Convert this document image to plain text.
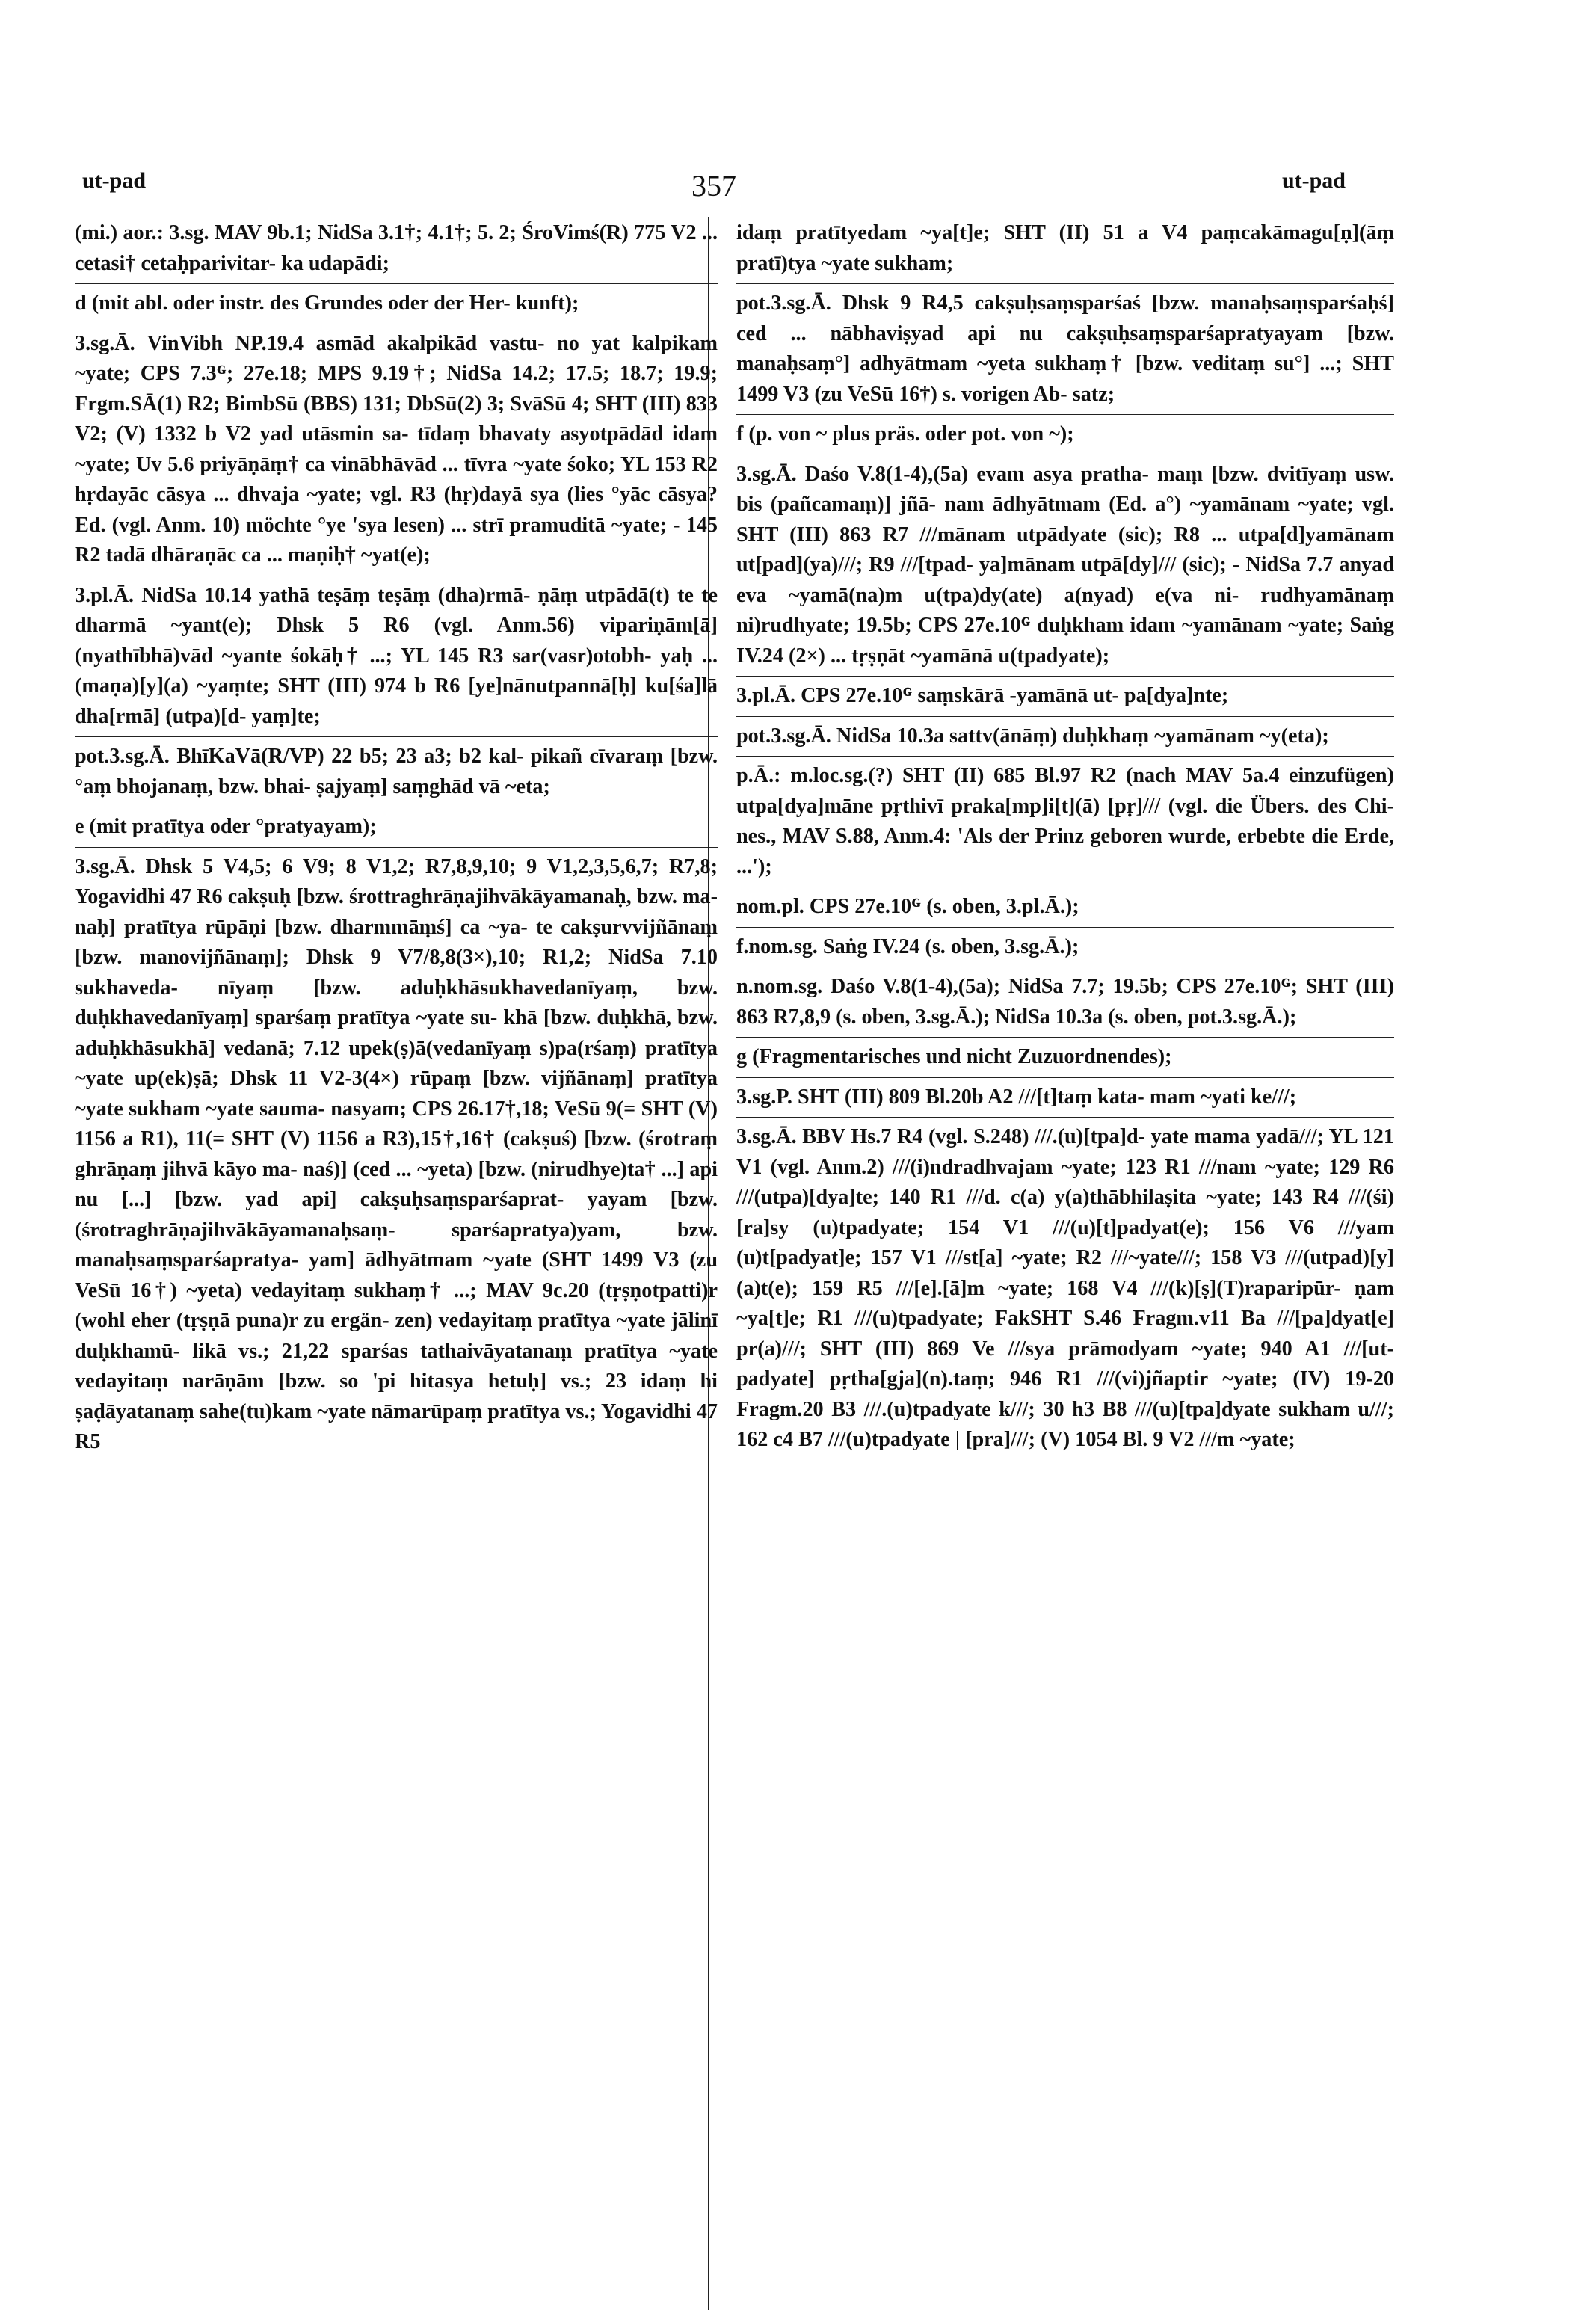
ut-pad	357	ut-pad

(mi.) aor.: 3.sg. MAV 9b.1; NidSa 3.1†; 4.1†; 5. 2; ŚroVimś(R) 775 V2 ... cetasi† cetaḥparivitar- ka udapādi;

d (mit abl. oder instr. des Grundes oder der Her- kunft);

3.sg.Ā. VinVibh NP.19.4 asmād akalpikād vastu- no yat kalpikam ~yate; CPS 7.3ᴳ; 27e.18; MPS 9.19†; NidSa 14.2; 17.5; 18.7; 19.9; Frgm.SĀ(1) R2; BimbSū (BBS) 131; DbSū(2) 3; SvāSū 4; SHT (III) 833 V2; (V) 1332 b V2 yad utāsmin sa- tīdaṃ bhavaty asyotpādād idam ~yate; Uv 5.6 priyāṇāṃ† ca vinābhāvād ... tīvra ~yate śoko; YL 153 R2 hṛdayāc cāsya ... dhvaja ~yate; vgl. R3 (hṛ)dayā sya (lies °yāc cāsya? Ed. (vgl. Anm. 10) möchte °ye 'sya lesen) ... strī pramuditā ~yate; - 145 R2 tadā dhāraṇāc ca ... maṇiḥ† ~yat(e);

3.pl.Ā. NidSa 10.14 yathā teṣāṃ teṣāṃ (dha)rmā- ṇāṃ utpādā(t) te te dharmā ~yant(e); Dhsk 5 R6 (vgl. Anm.56) vipariṇām[ā](nyathībhā)vād ~yante śokāḥ† ...; YL 145 R3 sar(vasr)otobh- yaḥ ... (maṇa)[y](a) ~yaṃte; SHT (III) 974 b R6 [ye]nānutpannā[ḥ] ku[śa]lā dha[rmā] (utpa)[d- yaṃ]te;

pot.3.sg.Ā. BhīKaVā(R/VP) 22 b5; 23 a3; b2 kal- pikañ cīvaraṃ [bzw. °aṃ bhojanaṃ, bzw. bhai- ṣajyaṃ] saṃghād vā ~eta;

e (mit pratītya oder °pratyayam);

3.sg.Ā. Dhsk 5 V4,5; 6 V9; 8 V1,2; R7,8,9,10; 9 V1,2,3,5,6,7; R7,8; Yogavidhi 47 R6 cakṣuḥ [bzw. śrottraghrāṇajihvākāyamanaḥ, bzw. ma- naḥ] pratītya rūpāṇi [bzw. dharmmāṃś] ca ~ya- te cakṣurvvijñānaṃ [bzw. manovijñānaṃ]; Dhsk 9 V7/8,8(3×),10; R1,2; NidSa 7.10 sukhaveda- nīyaṃ [bzw. aduḥkhāsukhavedanīyaṃ, bzw. duḥkhavedanīyaṃ] sparśaṃ pratītya ~yate su- khā [bzw. duḥkhā, bzw. aduḥkhāsukhā] vedanā; 7.12 upek(ṣ)ā(vedanīyaṃ s)pa(rśaṃ) pratītya ~yate up(ek)ṣā; Dhsk 11 V2-3(4×) rūpaṃ [bzw. vijñānaṃ] pratītya ~yate sukham ~yate sauma- nasyam; CPS 26.17†,18; VeSū 9(= SHT (V) 1156 a R1), 11(= SHT (V) 1156 a R3),15†,16† (cakṣuś) [bzw. (śrotraṃ ghrāṇaṃ jihvā kāyo ma- naś)] (ced ... ~yeta) [bzw. (nirudhye)ta† ...] api nu [...] [bzw. yad api] cakṣuḥsaṃsparśaprat- yayam [bzw. (śrotraghrāṇajihvākāyamanaḥsaṃ- sparśapratya)yam, bzw. manaḥsaṃsparśapratya- yam] ādhyātmam ~yate (SHT 1499 V3 (zu VeSū 16†) ~yeta) vedayitaṃ sukhaṃ† ...; MAV 9c.20 (tṛṣṇotpatti)r (wohl eher (tṛṣṇā puna)r zu ergän- zen) vedayitaṃ pratītya ~yate jālinī duḥkhamū- likā vs.; 21,22 sparśas tathaivāyatanaṃ pratītya ~yate vedayitaṃ narāṇām [bzw. so 'pi hitasya hetuḥ] vs.; 23 idaṃ hi ṣaḍāyatanaṃ sahe(tu)kam ~yate nāmarūpaṃ pratītya vs.; Yogavidhi 47 R5

idaṃ pratītyedam ~ya[t]e; SHT (II) 51 a V4 paṃcakāmagu[ṇ](āṃ pratī)tya ~yate sukham;

pot.3.sg.Ā. Dhsk 9 R4,5 cakṣuḥsaṃsparśaś [bzw. manaḥsaṃsparśaḥś] ced ... nābhaviṣyad api nu cakṣuḥsaṃsparśapratyayam [bzw. manaḥsaṃ°] adhyātmam ~yeta sukhaṃ† [bzw. veditaṃ su°] ...; SHT 1499 V3 (zu VeSū 16†) s. vorigen Ab- satz;

f (p. von ~ plus präs. oder pot. von ~);

3.sg.Ā. Daśo V.8(1-4),(5a) evam asya pratha- maṃ [bzw. dvitīyaṃ usw. bis (pañcamaṃ)] jñā- nam ādhyātmam (Ed. a°) ~yamānam ~yate; vgl. SHT (III) 863 R7 ///mānam utpādyate (sic); R8 ... utpa[d]yamānam ut[pad](ya)///; R9 ///[tpad- ya]mānam utpā[dy]/// (sic); - NidSa 7.7 anyad eva ~yamā(na)m u(tpa)dy(ate) a(nyad) e(va ni- rudhyamānaṃ ni)rudhyate; 19.5b; CPS 27e.10ᴳ duḥkham idam ~yamānam ~yate; Saṅg IV.24 (2×) ... tṛṣṇāt ~yamānā u(tpadyate);

3.pl.Ā. CPS 27e.10ᴳ saṃskārā -yamānā ut- pa[dya]nte;

pot.3.sg.Ā. NidSa 10.3a sattv(ānāṃ) duḥkhaṃ ~yamānam ~y(eta);

p.Ā.: m.loc.sg.(?) SHT (II) 685 Bl.97 R2 (nach MAV 5a.4 einzufügen) utpa[dya]māne pṛthivī praka[mp]i[t](ā) [pṛ]/// (vgl. die Übers. des Chi- nes., MAV S.88, Anm.4: 'Als der Prinz geboren wurde, erbebte die Erde, ...');

nom.pl. CPS 27e.10ᴳ (s. oben, 3.pl.Ā.);

f.nom.sg. Saṅg IV.24 (s. oben, 3.sg.Ā.);

n.nom.sg. Daśo V.8(1-4),(5a); NidSa 7.7; 19.5b; CPS 27e.10ᴳ; SHT (III) 863 R7,8,9 (s. oben, 3.sg.Ā.); NidSa 10.3a (s. oben, pot.3.sg.Ā.);

g (Fragmentarisches und nicht Zuzuordnendes);

3.sg.P. SHT (III) 809 Bl.20b A2 ///[t]taṃ kata- mam ~yati ke///;

3.sg.Ā. BBV Hs.7 R4 (vgl. S.248) ///.(u)[tpa]d- yate mama yadā///; YL 121 V1 (vgl. Anm.2) ///(i)ndradhvajam ~yate; 123 R1 ///nam ~yate; 129 R6 ///(utpa)[dya]te; 140 R1 ///d. c(a) y(a)thābhilaṣita ~yate; 143 R4 ///(śi)[ra]sy (u)tpadyate; 154 V1 ///(u)[t]padyat(e); 156 V6 ///yam (u)t[padyat]e; 157 V1 ///st[a] ~yate; R2 ///~yate///; 158 V3 ///(utpad)[y](a)t(e); 159 R5 ///[e].[ā]m ~yate; 168 V4 ///(k)[ṣ](T)raparipūr- ṇam ~ya[t]e; R1 ///(u)tpadyate; FakSHT S.46 Fragm.v11 Ba ///[pa]dyat[e] pr(a)///; SHT (III) 869 Ve ///sya prāmodyam ~yate; 940 A1 ///[ut- padyate] pṛtha[gja](n).taṃ; 946 R1 ///(vi)jñaptir ~yate; (IV) 19-20 Fragm.20 B3 ///.(u)tpadyate k///; 30 h3 B8 ///(u)[tpa]dyate sukham u///; 162 c4 B7 ///(u)tpadyate | [pra]///; (V) 1054 Bl. 9 V2 ///m ~yate;
